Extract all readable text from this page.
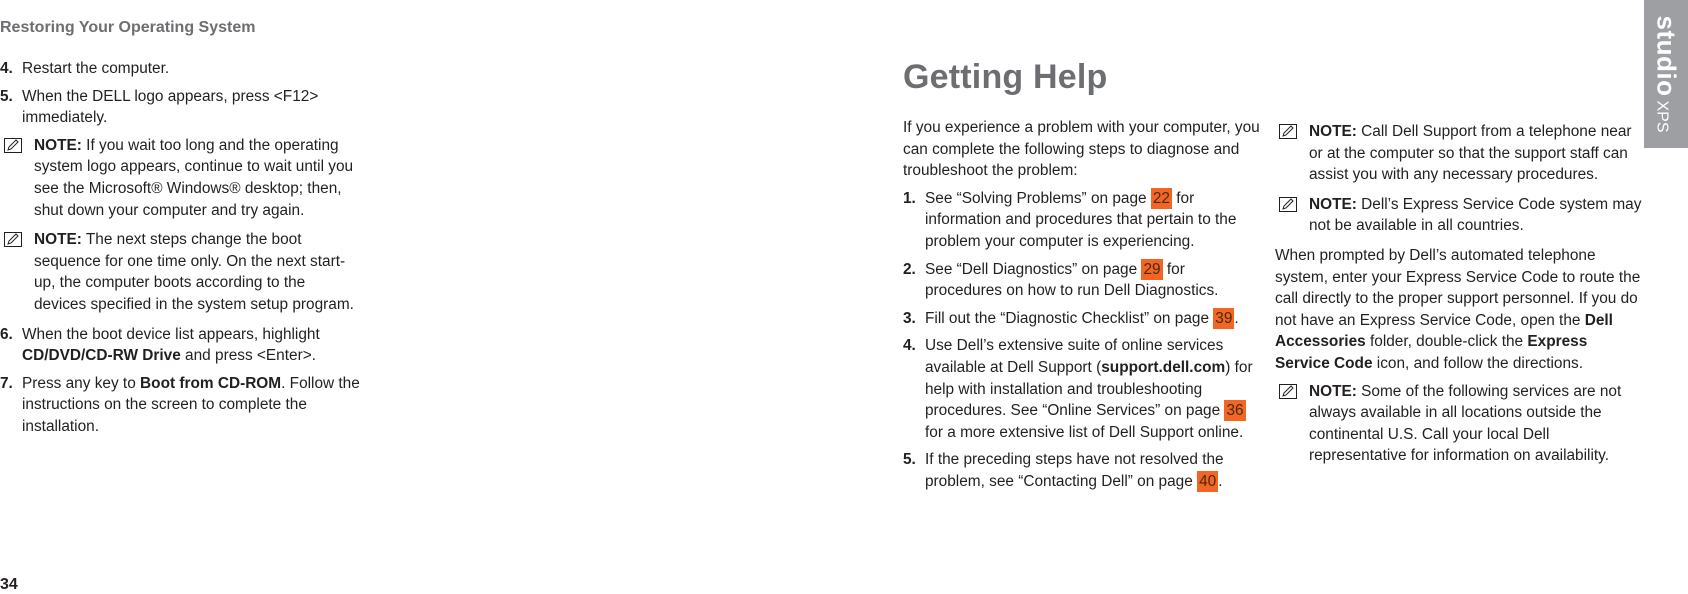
Restoring Your Operating System
4. Restart the computer.
5. When the DELL logo appears, press <F12> immediately.
NOTE: If you wait too long and the operating system logo appears, continue to wait until you see the Microsoft® Windows® desktop; then, shut down your computer and try again.
NOTE: The next steps change the boot sequence for one time only. On the next start-up, the computer boots according to the devices specified in the system setup program.
6. When the boot device list appears, highlight CD/DVD/CD-RW Drive and press <Enter>.
7. Press any key to Boot from CD-ROM. Follow the instructions on the screen to complete the installation.
34
Getting Help

If you experience a problem with your computer, you can complete the following steps to diagnose and troubleshoot the problem:

1. See “Solving Problems” on page 22 for information and procedures that pertain to the problem your computer is experiencing.
2. See “Dell Diagnostics” on page 29 for procedures on how to run Dell Diagnostics.
3. Fill out the “Diagnostic Checklist” on page 39 .
4. Use Dell’s extensive suite of online services available at Dell Support (support.dell.com) for help with installation and troubleshooting procedures. See “Online Services” on page 36 for a more extensive list of Dell Support online.
5. If the preceding steps have not resolved the problem, see “Contacting Dell” on page 40 .
NOTE: Call Dell Support from a telephone near or at the computer so that the support staff can assist you with any necessary procedures.
NOTE: Dell’s Express Service Code system may not be available in all countries.

When prompted by Dell’s automated telephone system, enter your Express Service Code to route the call directly to the proper support personnel. If you do not have an Express Service Code, open the Dell Accessories folder, double-click the Express Service Code icon, and follow the directions.

NOTE: Some of the following services are not always available in all locations outside the continental U.S. Call your local Dell representative for information on availability.
studioXPS
